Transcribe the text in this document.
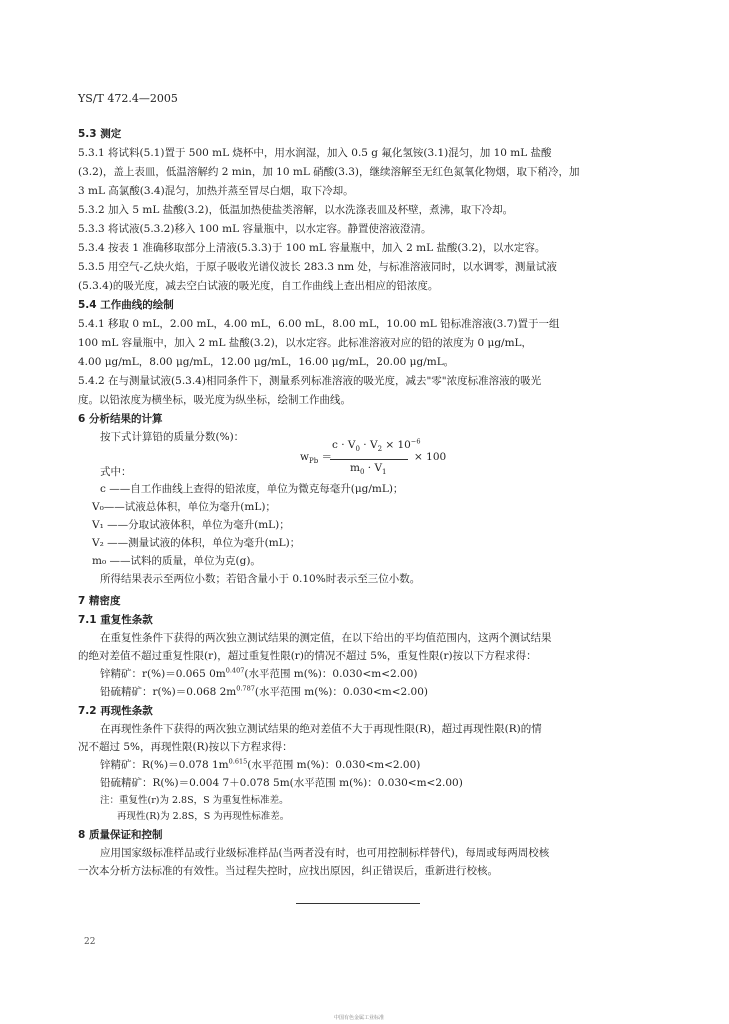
YS/T 472.4—2005
5.3 测定
5.3.1 将试料(5.1)置于 500 mL 烧杯中，用水润湿，加入 0.5 g 氟化氢铵(3.1)混匀，加 10 mL 盐酸
(3.2)，盖上表皿，低温溶解约 2 min，加 10 mL 硝酸(3.3)，继续溶解至无红色氮氧化物烟，取下稍冷，加
3 mL 高氯酸(3.4)混匀，加热并蒸至冒尽白烟，取下冷却。
5.3.2 加入 5 mL 盐酸(3.2)，低温加热使盐类溶解，以水洗涤表皿及杯壁，煮沸，取下冷却。
5.3.3 将试液(5.3.2)移入 100 mL 容量瓶中，以水定容。静置使溶液澄清。
5.3.4 按表 1 准确移取部分上清液(5.3.3)于 100 mL 容量瓶中，加入 2 mL 盐酸(3.2)，以水定容。
5.3.5 用空气-乙炔火焰，于原子吸收光谱仪波长 283.3 nm 处，与标准溶液同时，以水调零，测量试液
(5.3.4)的吸光度，减去空白试液的吸光度，自工作曲线上查出相应的铅浓度。
5.4 工作曲线的绘制
5.4.1 移取 0 mL，2.00 mL，4.00 mL，6.00 mL，8.00 mL，10.00 mL 铅标准溶液(3.7)置于一组
100 mL 容量瓶中，加入 2 mL 盐酸(3.2)，以水定容。此标准溶液对应的铅的浓度为 0 μg/mL，
4.00 μg/mL，8.00 μg/mL，12.00 μg/mL，16.00 μg/mL，20.00 μg/mL。
5.4.2 在与测量试液(5.3.4)相同条件下，测量系列标准溶液的吸光度，减去"零"浓度标准溶液的吸光
度。以铅浓度为横坐标，吸光度为纵坐标，绘制工作曲线。
6 分析结果的计算
按下式计算铅的质量分数(%)：
$w_{Pb}$ ＝
$c \cdot V_0 \cdot V_2 \times 10^{-6}$
$m_0 \cdot V_1$
× 100
式中：
c ——自工作曲线上查得的铅浓度，单位为微克每毫升(μg/mL)；
V₀——试液总体积，单位为毫升(mL)；
V₁ ——分取试液体积，单位为毫升(mL)；
V₂ ——测量试液的体积，单位为毫升(mL)；
m₀ ——试料的质量，单位为克(g)。
所得结果表示至两位小数；若铅含量小于 0.10%时表示至三位小数。
7 精密度
7.1 重复性条款
在重复性条件下获得的两次独立测试结果的测定值，在以下给出的平均值范围内，这两个测试结果
的绝对差值不超过重复性限(r)，超过重复性限(r)的情况不超过 5%，重复性限(r)按以下方程求得：
锌精矿：r(%)＝0.065 $0m^{0.407}$(水平范围 m(%)：0.030<m<2.00)
铅硫精矿：r(%)＝0.068 $2m^{0.787}$(水平范围 m(%)：0.030<m<2.00)
7.2 再现性条款
在再现性条件下获得的两次独立测试结果的绝对差值不大于再现性限(R)，超过再现性限(R)的情
况不超过 5%，再现性限(R)按以下方程求得：
锌精矿：R(%)＝0.078 $1m^{0.615}$(水平范围 m(%)：0.030<m<2.00)
铅硫精矿：R(%)＝0.004 7＋0.078 5m(水平范围 m(%)：0.030<m<2.00)
注：重复性(r)为 2.8S，S 为重复性标准差。
再现性(R)为 2.8S，S 为再现性标准差。
8 质量保证和控制
应用国家级标准样品或行业级标准样品(当两者没有时，也可用控制标样替代)，每周或每两周校核
一次本分析方法标准的有效性。当过程失控时，应找出原因，纠正错误后，重新进行校核。
22
中国有色金属工业标准
